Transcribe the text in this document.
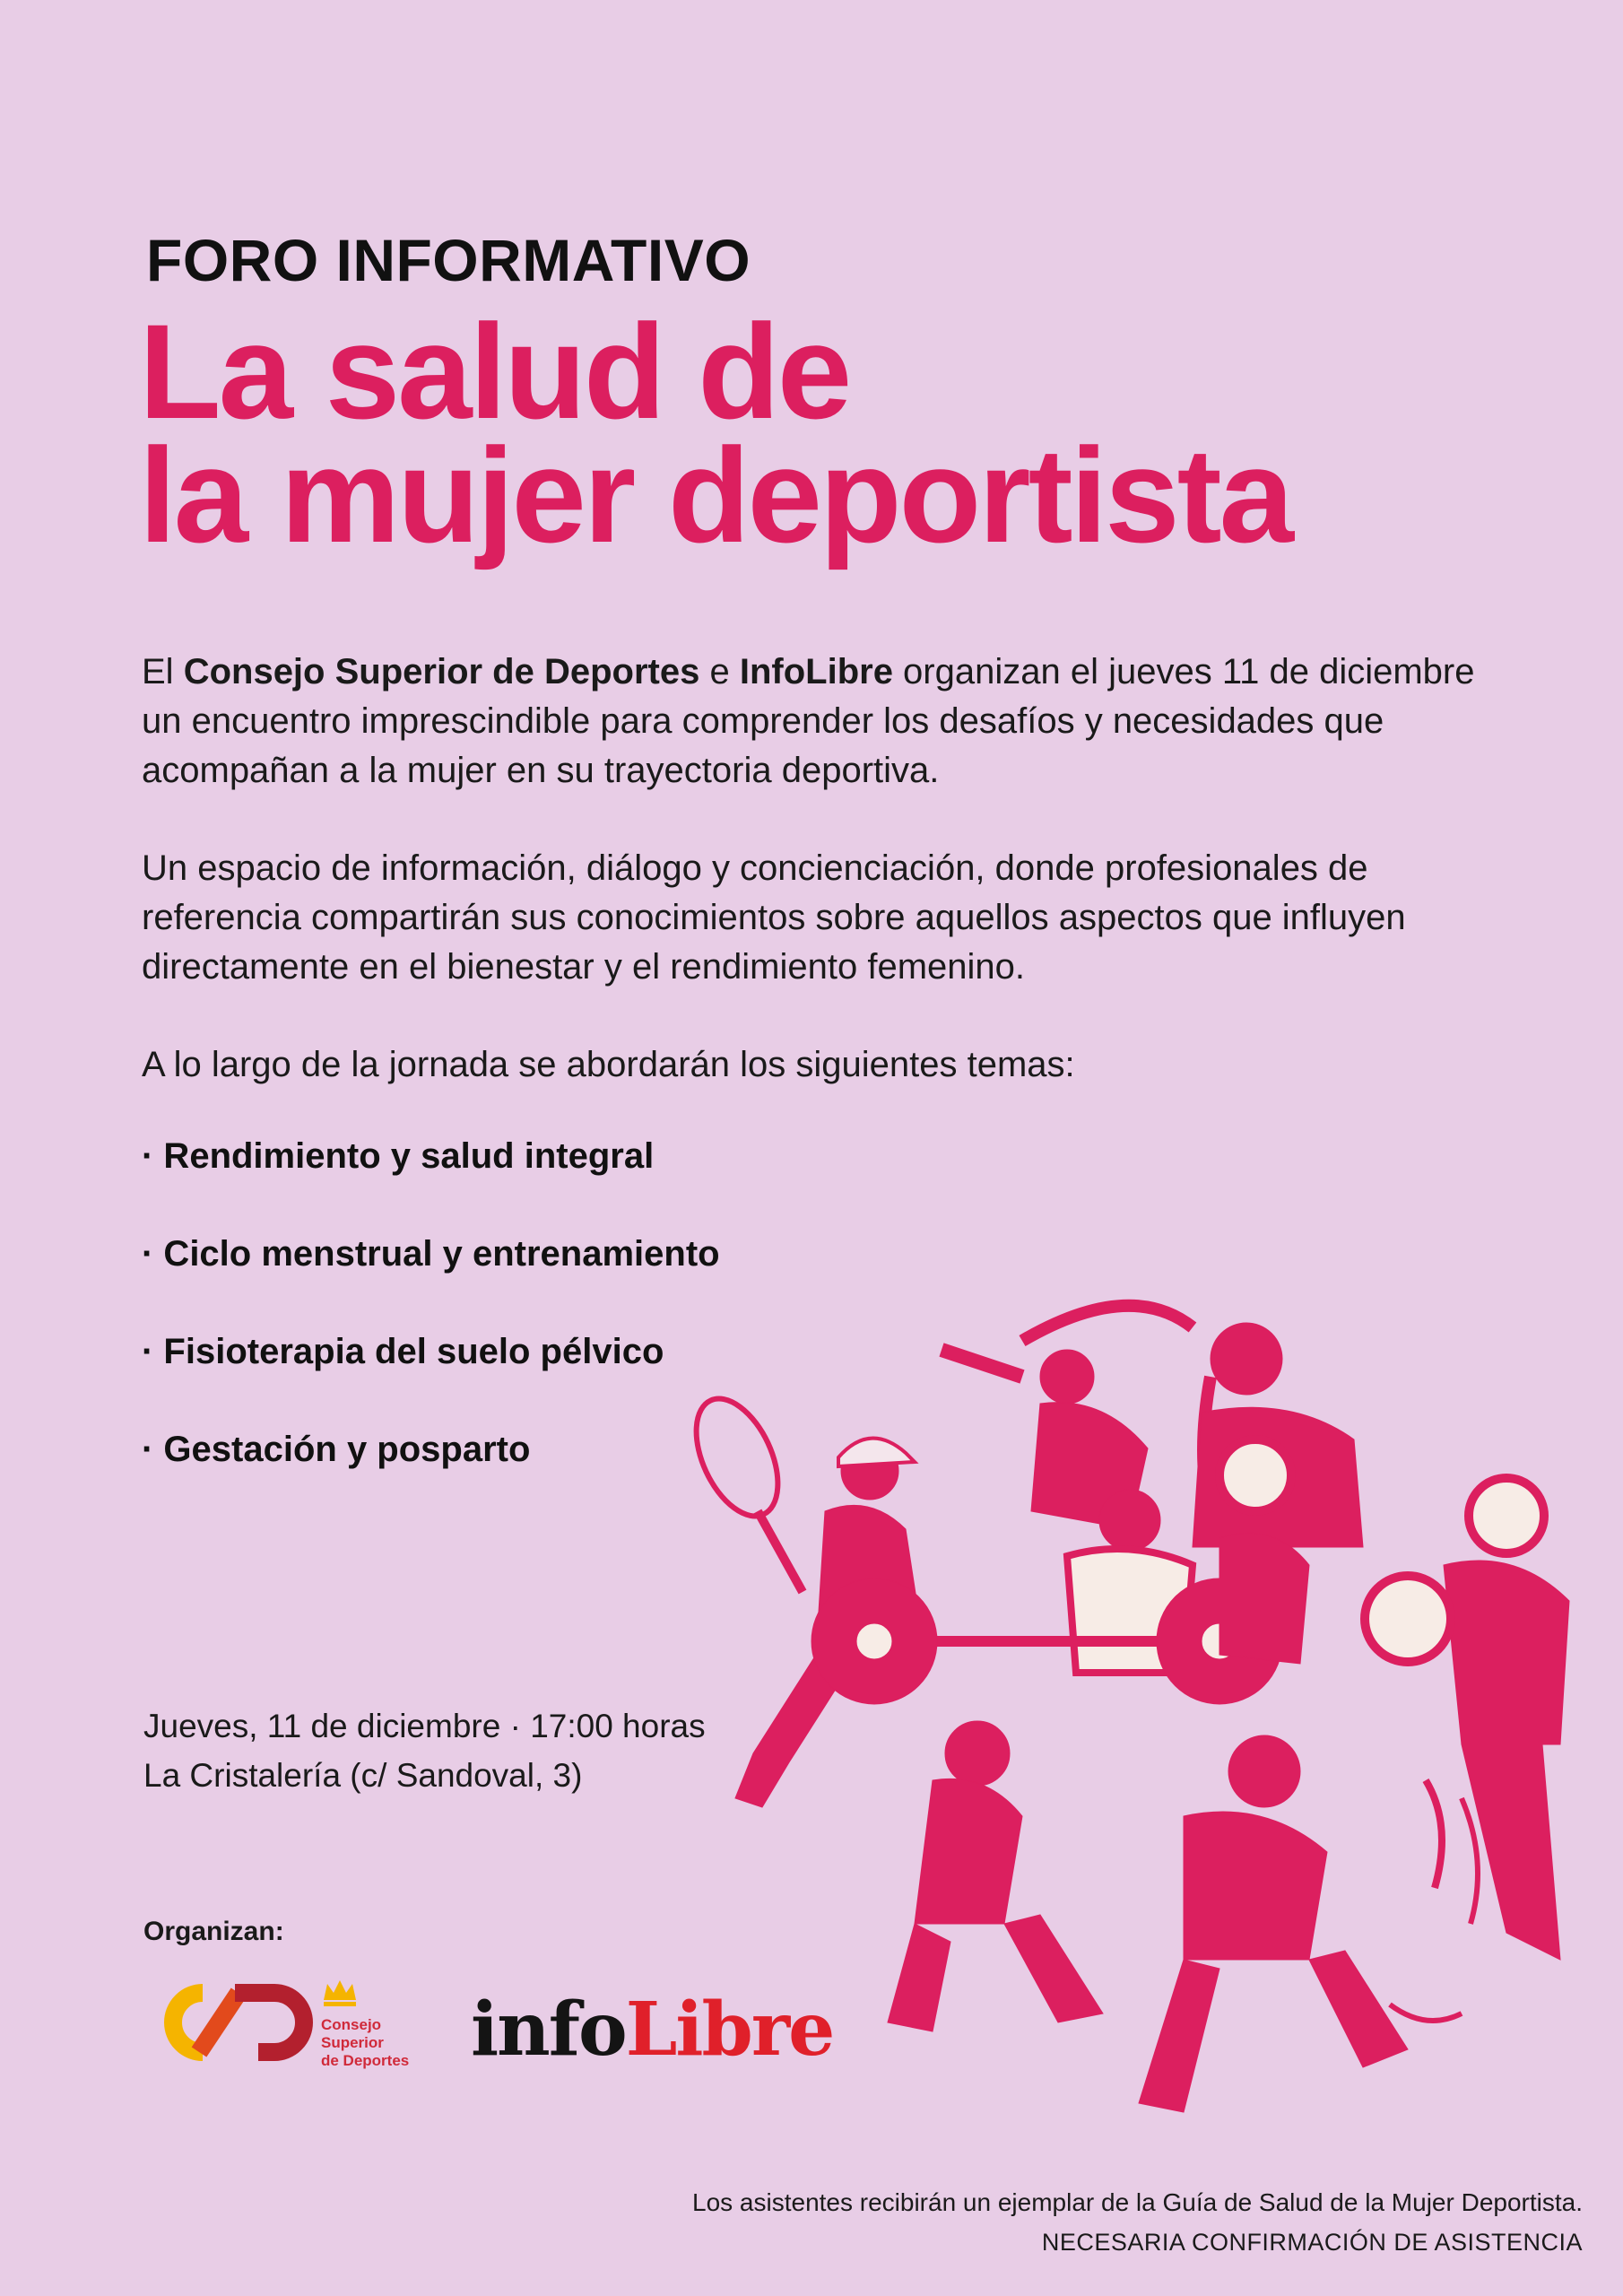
FORO INFORMATIVO
La salud de
la mujer deportista
El Consejo Superior de Deportes e InfoLibre organizan el jueves 11 de diciembre un encuentro imprescindible para comprender los desafíos y necesidades que acompañan a la mujer en su trayectoria deportiva.
Un espacio de información, diálogo y concienciación, donde profesionales de referencia compartirán sus conocimientos sobre aquellos aspectos que influyen directamente en el bienestar y el rendimiento femenino.
A lo largo de la jornada se abordarán los siguientes temas:
· Rendimiento y salud integral
· Ciclo menstrual y entrenamiento
· Fisioterapia del suelo pélvico
· Gestación y posparto
Jueves, 11 de diciembre · 17:00 horas
La Cristalería (c/ Sandoval, 3)
Organizan:
Consejo
Superior
de Deportes infoLibre
Los asistentes recibirán un ejemplar de la Guía de Salud de la Mujer Deportista.
NECESARIA CONFIRMACIÓN DE ASISTENCIA
